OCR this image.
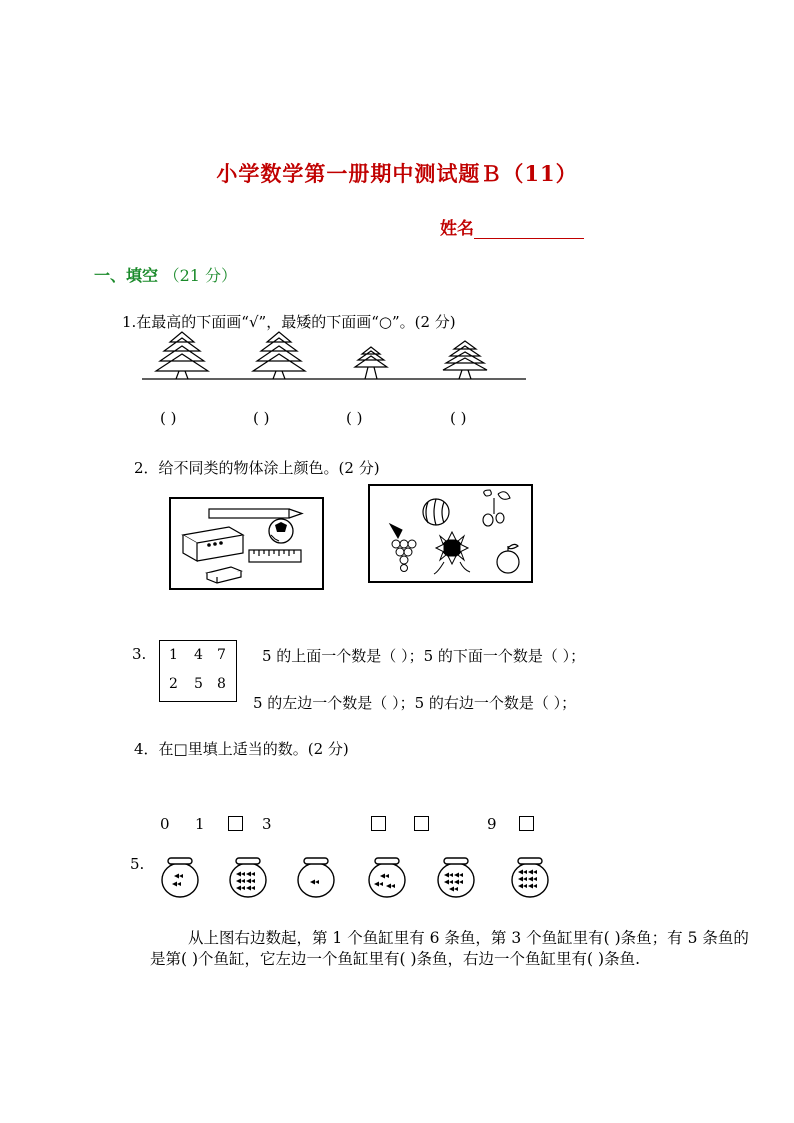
小学数学第一册期中测试题Ｂ（11）
姓名
一、填空 （21 分）
1.在最高的下面画“√”，最矮的下面画“○”。(2 分)
( )	( )	( )	( )
2．给不同类的物体涂上颜色。(2 分)
3. 1 4 7
2 5 8
5 的上面一个数是（ ）；5 的下面一个数是（ ）；
5 的左边一个数是（ ）；5 的右边一个数是（ ）；
4．在□里填上适当的数。(2 分)
0 1	3	9
5.
从上图右边数起，第 1 个鱼缸里有 6 条鱼，第 3 个鱼缸里有( )条鱼；有 5 条鱼的是第( )个鱼缸，它左边一个鱼缸里有( )条鱼，右边一个鱼缸里有( )条鱼.
